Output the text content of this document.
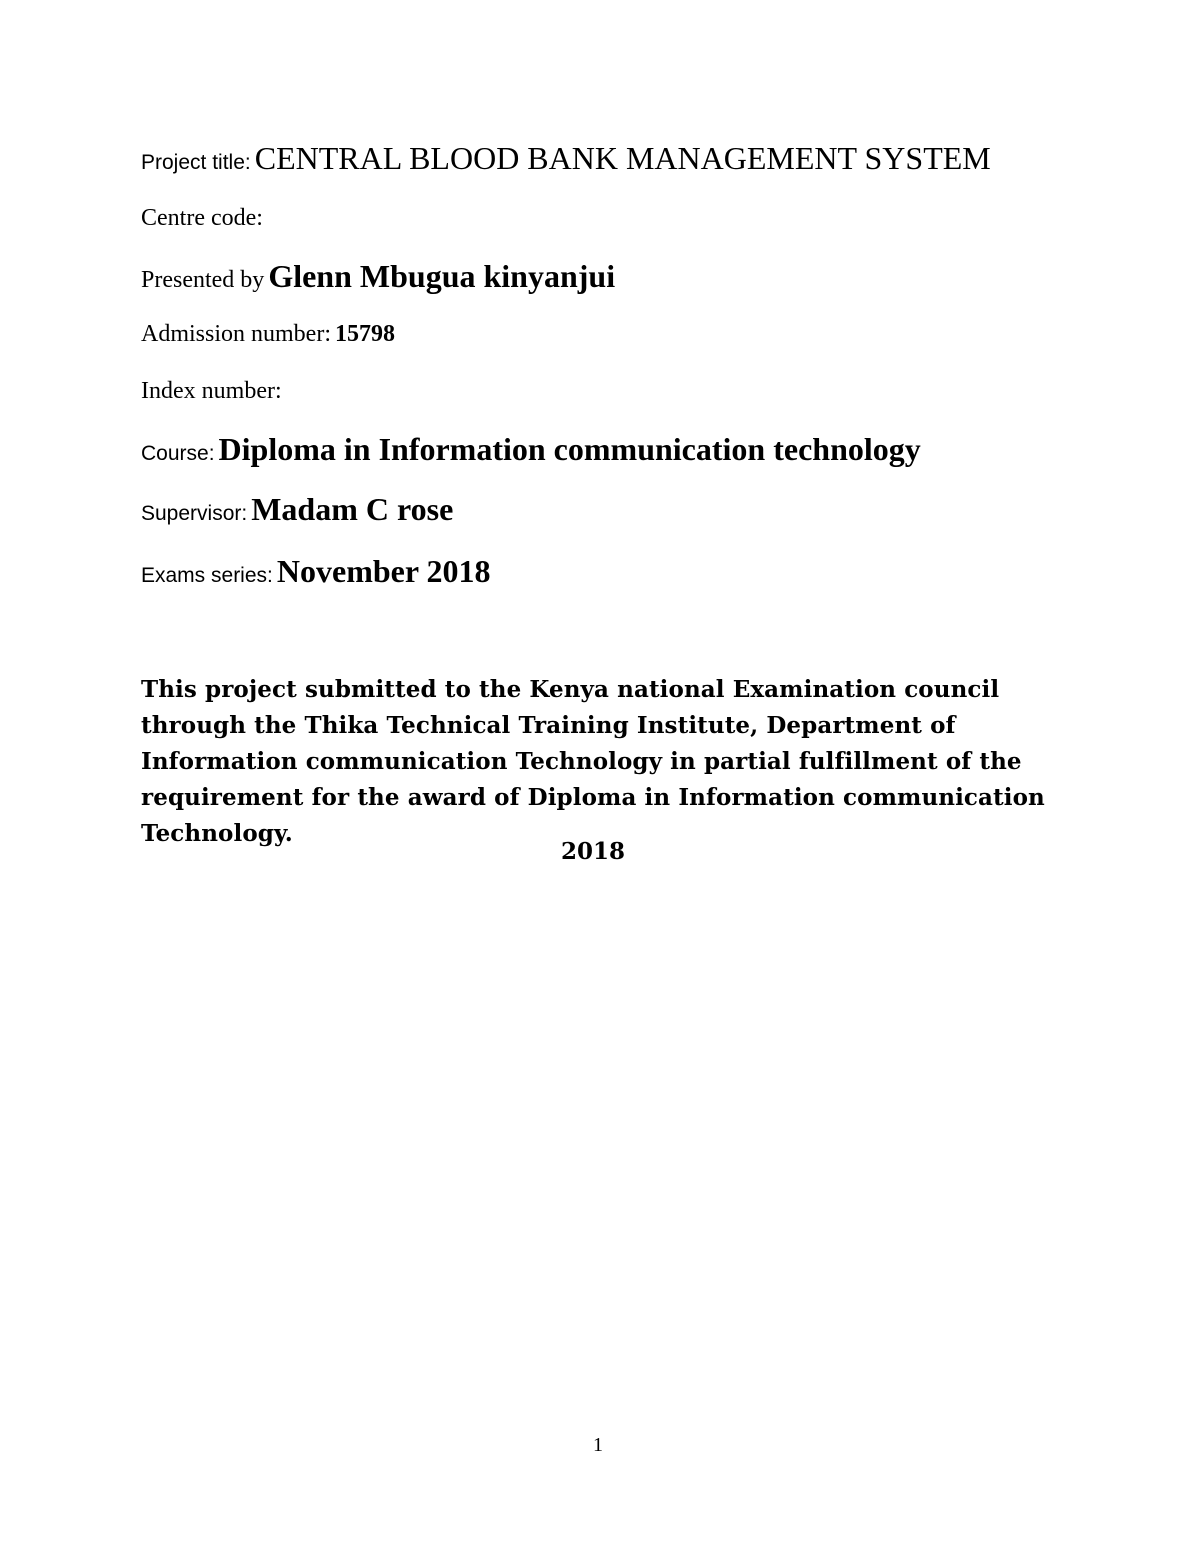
Project title: CENTRAL BLOOD BANK MANAGEMENT SYSTEM
Centre code:
Presented by Glenn Mbugua kinyanjui
Admission number: 15798
Index number:
Course: Diploma in Information communication technology
Supervisor: Madam C rose
Exams series: November 2018
This project submitted to the Kenya national Examination council through the Thika Technical Training Institute, Department of Information communication Technology in partial fulfillment of the requirement for the award of Diploma in Information communication Technology.
2018
1
